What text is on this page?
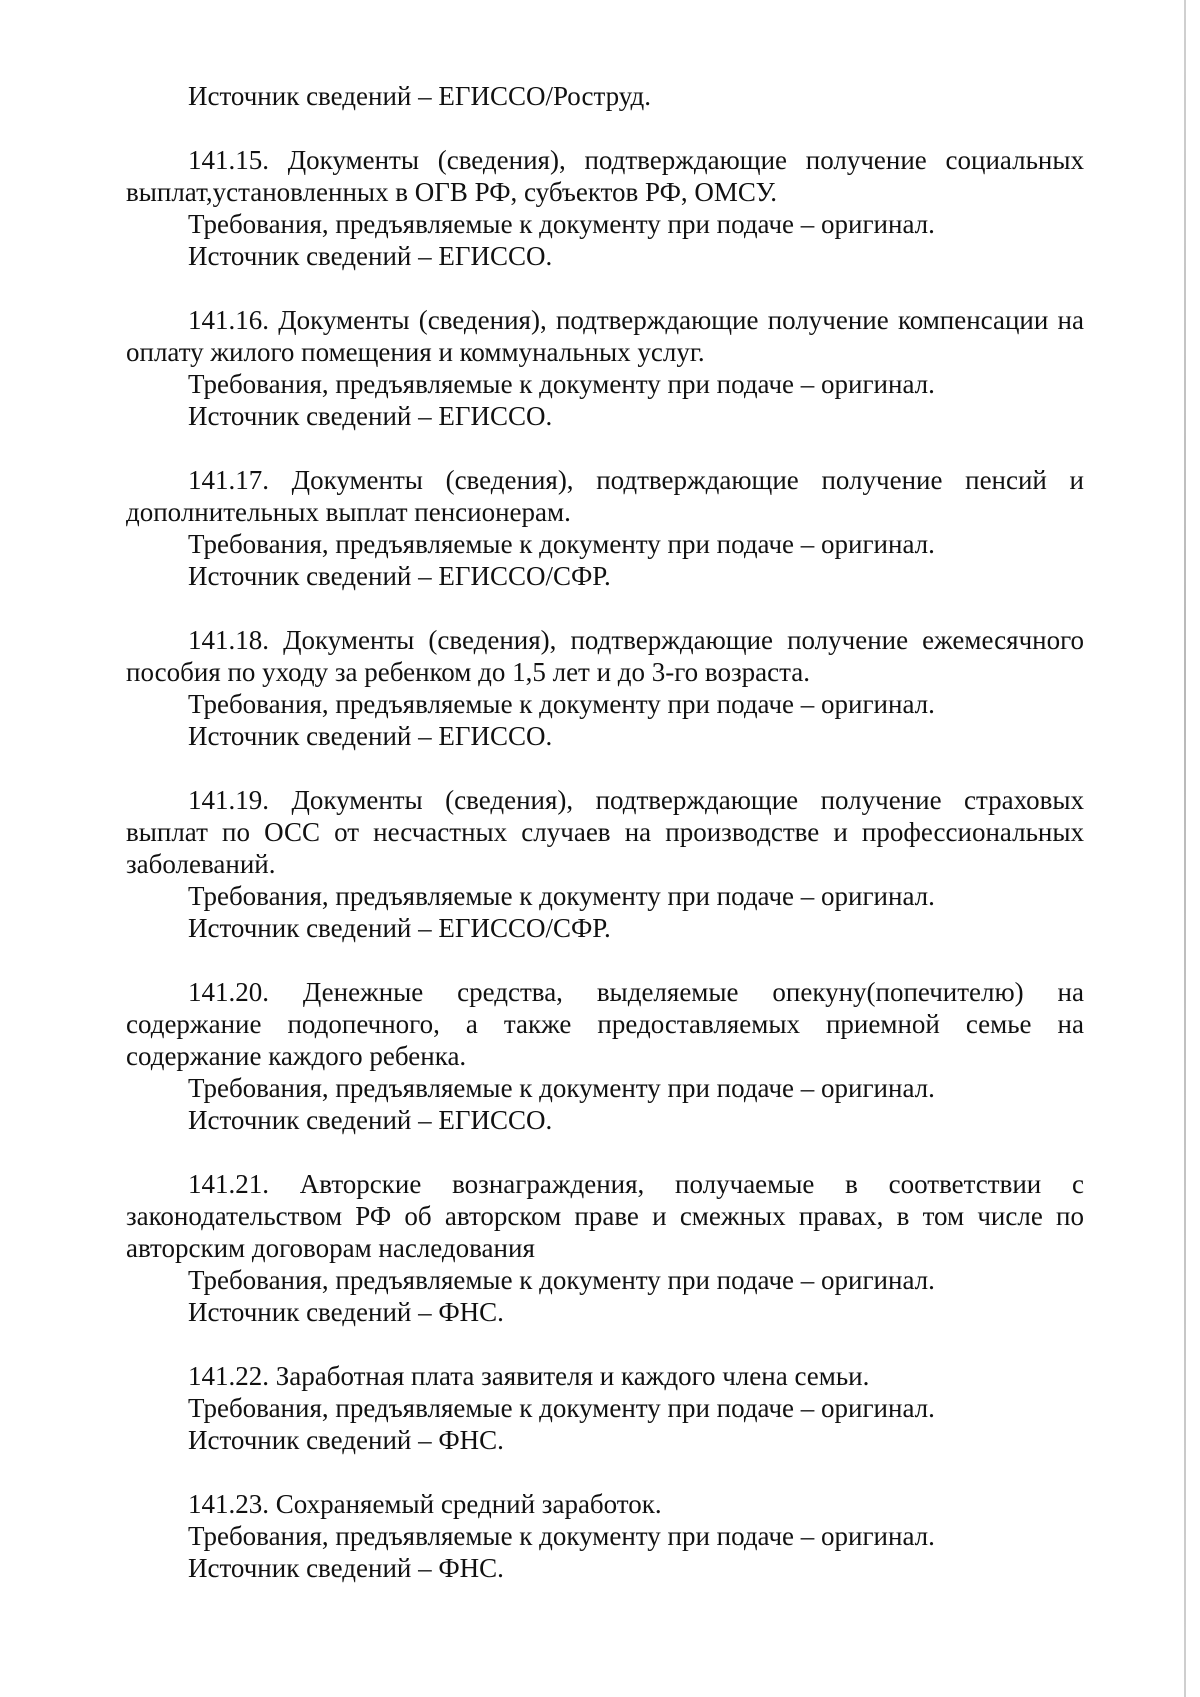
Источник сведений – ЕГИССО/Роструд.
141.15. Документы (сведения), подтверждающие получение социальных выплат,установленных в ОГВ РФ, субъектов РФ, ОМСУ.
Требования, предъявляемые к документу при подаче – оригинал.
Источник сведений – ЕГИССО.
141.16. Документы (сведения), подтверждающие получение компенсации на оплату жилого помещения и коммунальных услуг.
Требования, предъявляемые к документу при подаче – оригинал.
Источник сведений – ЕГИССО.
141.17. Документы (сведения), подтверждающие получение пенсий и дополнительных выплат пенсионерам.
Требования, предъявляемые к документу при подаче – оригинал.
Источник сведений – ЕГИССО/СФР.
141.18. Документы (сведения), подтверждающие получение ежемесячного пособия по уходу за ребенком до 1,5 лет и до 3-го возраста.
Требования, предъявляемые к документу при подаче – оригинал.
Источник сведений – ЕГИССО.
141.19. Документы (сведения), подтверждающие получение страховых выплат по ОСС от несчастных случаев на производстве и профессиональных заболеваний.
Требования, предъявляемые к документу при подаче – оригинал.
Источник сведений – ЕГИССО/СФР.
141.20. Денежные средства, выделяемые опекуну(попечителю) на содержание подопечного, а также предоставляемых приемной семье на содержание каждого ребенка.
Требования, предъявляемые к документу при подаче – оригинал.
Источник сведений – ЕГИССО.
141.21. Авторские вознаграждения, получаемые в соответствии с законодательством РФ об авторском праве и смежных правах, в том числе по авторским договорам наследования
Требования, предъявляемые к документу при подаче – оригинал.
Источник сведений – ФНС.
141.22. Заработная плата заявителя и каждого члена семьи.
Требования, предъявляемые к документу при подаче – оригинал.
Источник сведений – ФНС.
141.23. Сохраняемый средний заработок.
Требования, предъявляемые к документу при подаче – оригинал.
Источник сведений – ФНС.
